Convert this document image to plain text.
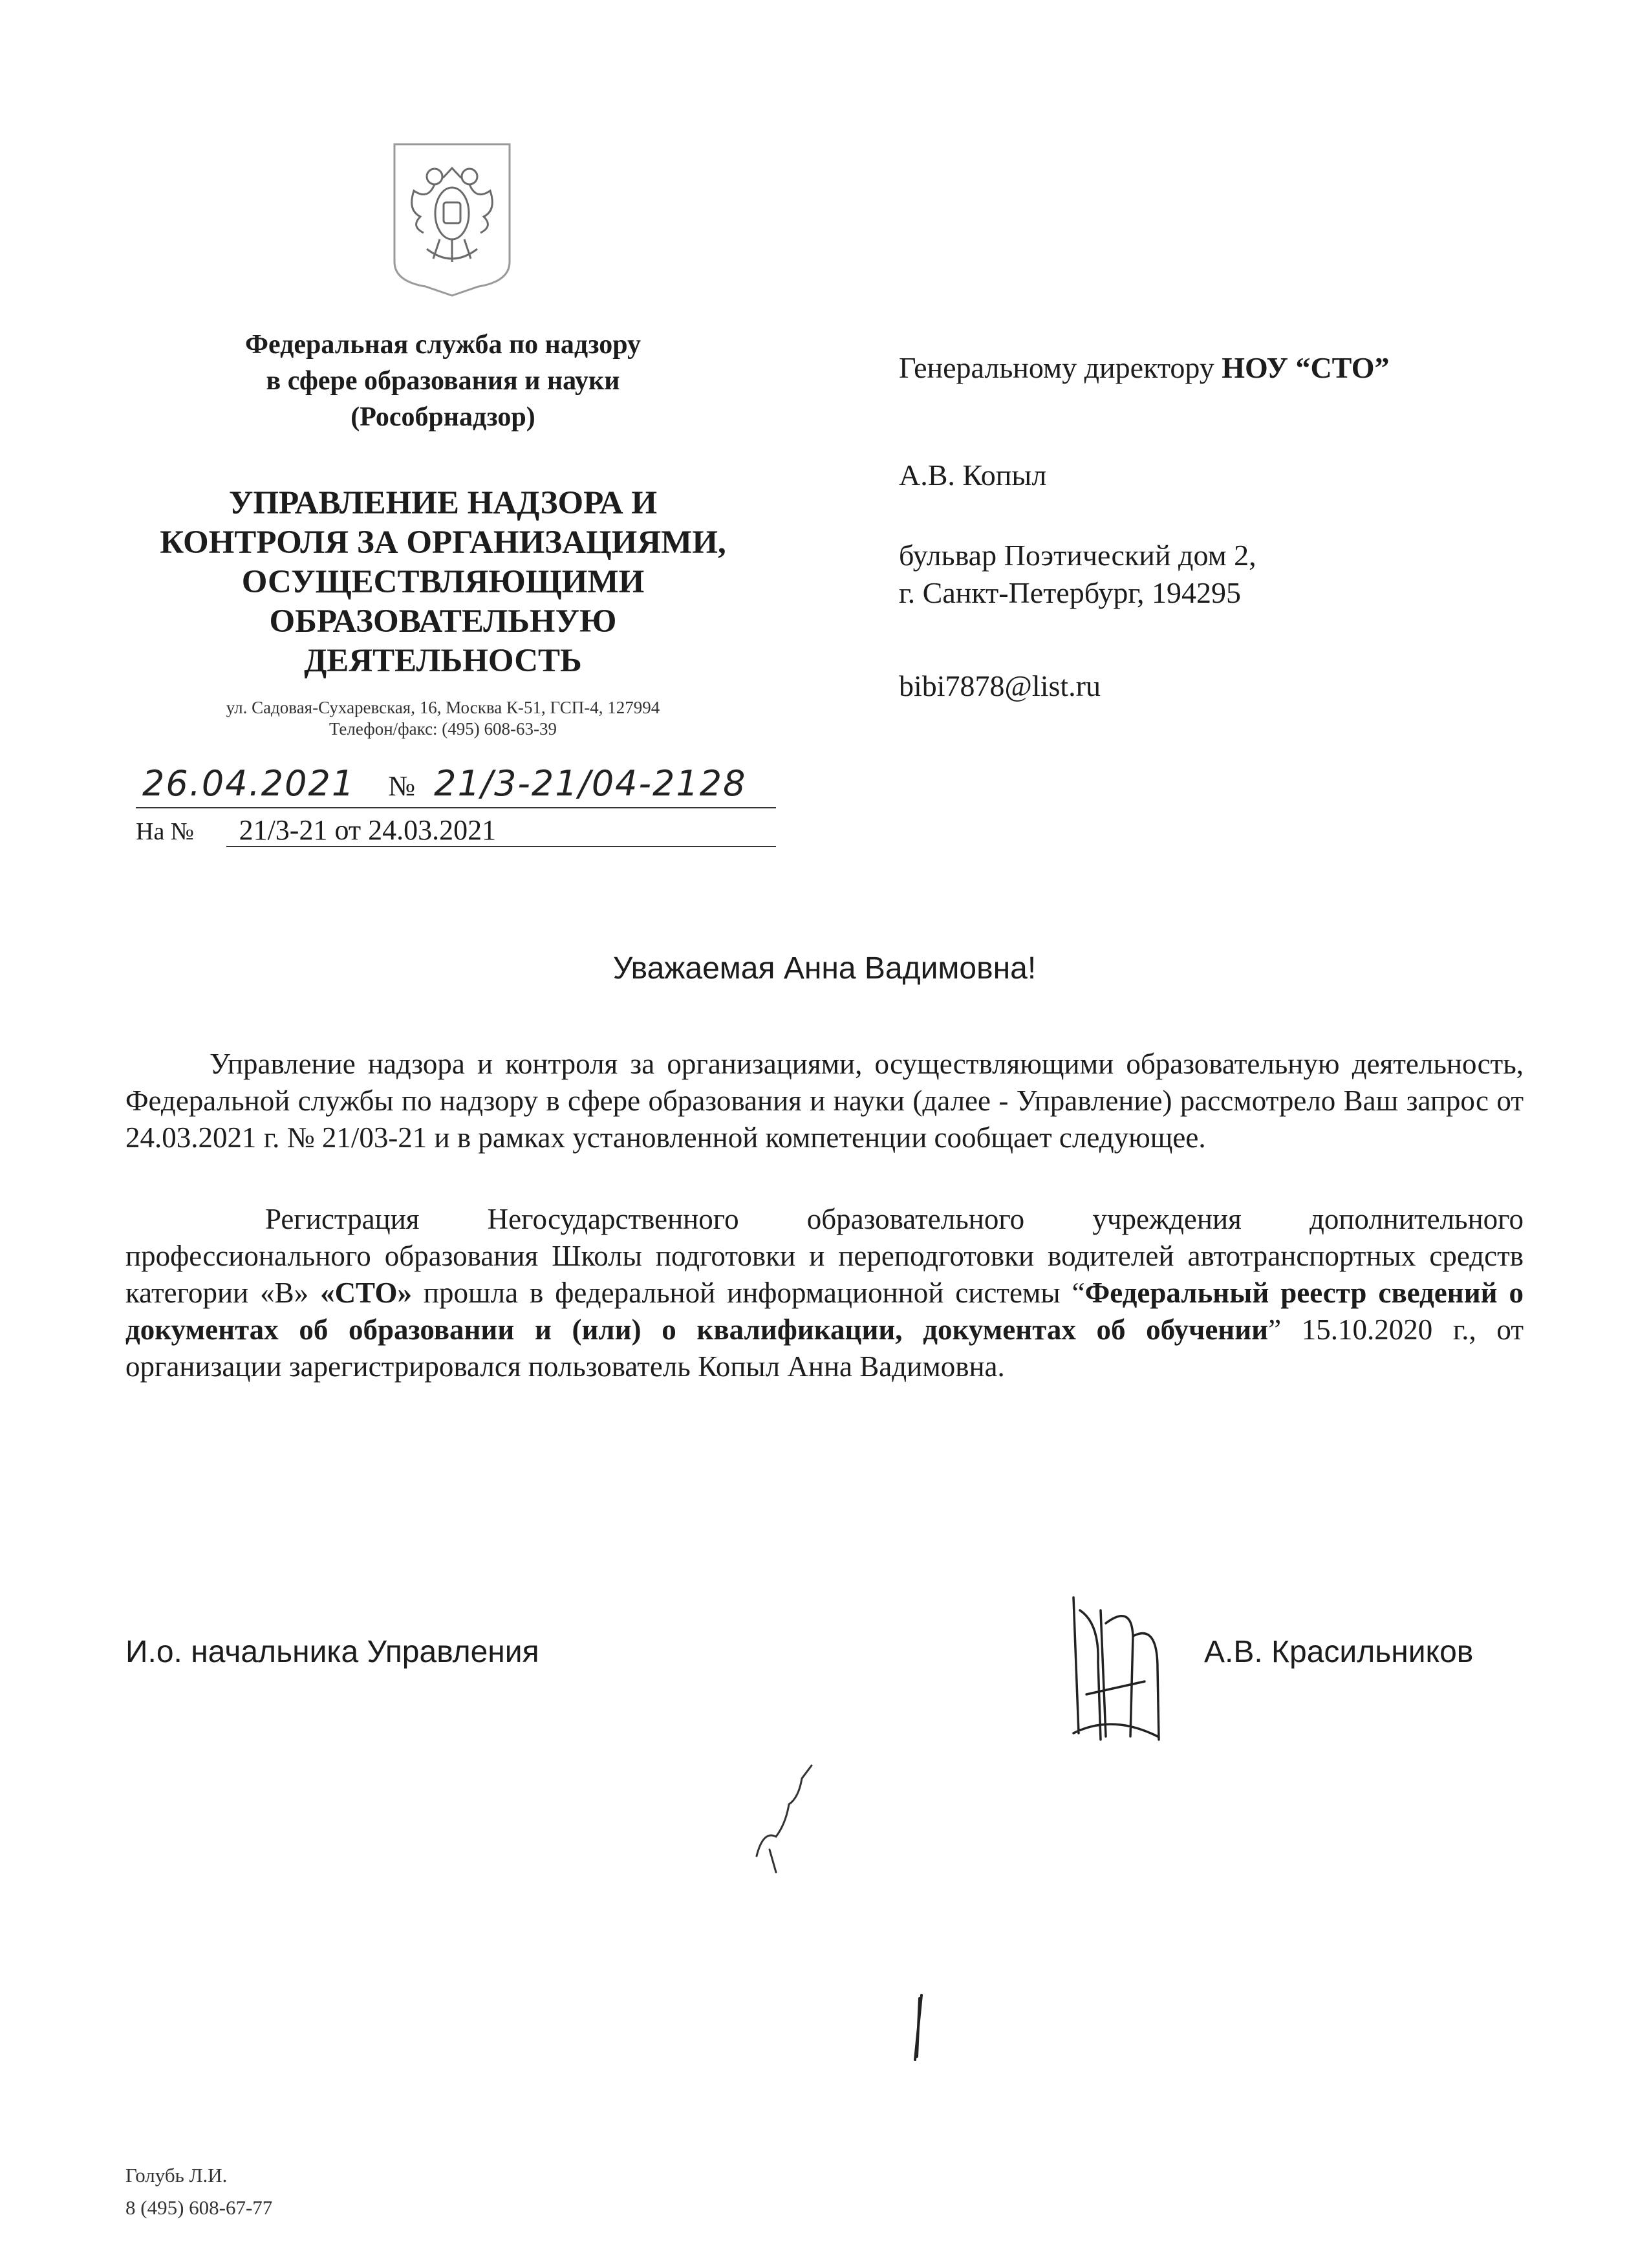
Федеральная служба по надзору
в сфере образования и науки
(Рособрнадзор)
УПРАВЛЕНИЕ НАДЗОРА И
КОНТРОЛЯ ЗА ОРГАНИЗАЦИЯМИ,
ОСУЩЕСТВЛЯЮЩИМИ
ОБРАЗОВАТЕЛЬНУЮ
ДЕЯТЕЛЬНОСТЬ
ул. Садовая-Сухаревская, 16, Москва К-51, ГСП-4, 127994
Телефон/факс: (495) 608-63-39
26.04.2021 № 21/3-21/04-2128
На № 21/3-21 от 24.03.2021
Генеральному директору НОУ “СТО”
А.В. Копыл
бульвар Поэтический дом 2,
г. Санкт-Петербург, 194295
bibi7878@list.ru
Уважаемая Анна Вадимовна!
Управление надзора и контроля за организациями, осуществляющими образовательную деятельность, Федеральной службы по надзору в сфере образования и науки (далее - Управление) рассмотрело Ваш запрос от 24.03.2021 г. № 21/03-21 и в рамках установленной компетенции сообщает следующее.
Регистрация Негосударственного образовательного учреждения дополнительного профессионального образования Школы подготовки и переподготовки водителей автотранспортных средств категории «В» «СТО» прошла в федеральной информационной системы “Федеральный реестр сведений о документах об образовании и (или) о квалификации, документах об обучении” 15.10.2020 г., от организации зарегистрировался пользователь Копыл Анна Вадимовна.
И.о. начальника Управления	А.В. Красильников
Голубь Л.И.
8 (495) 608-67-77
